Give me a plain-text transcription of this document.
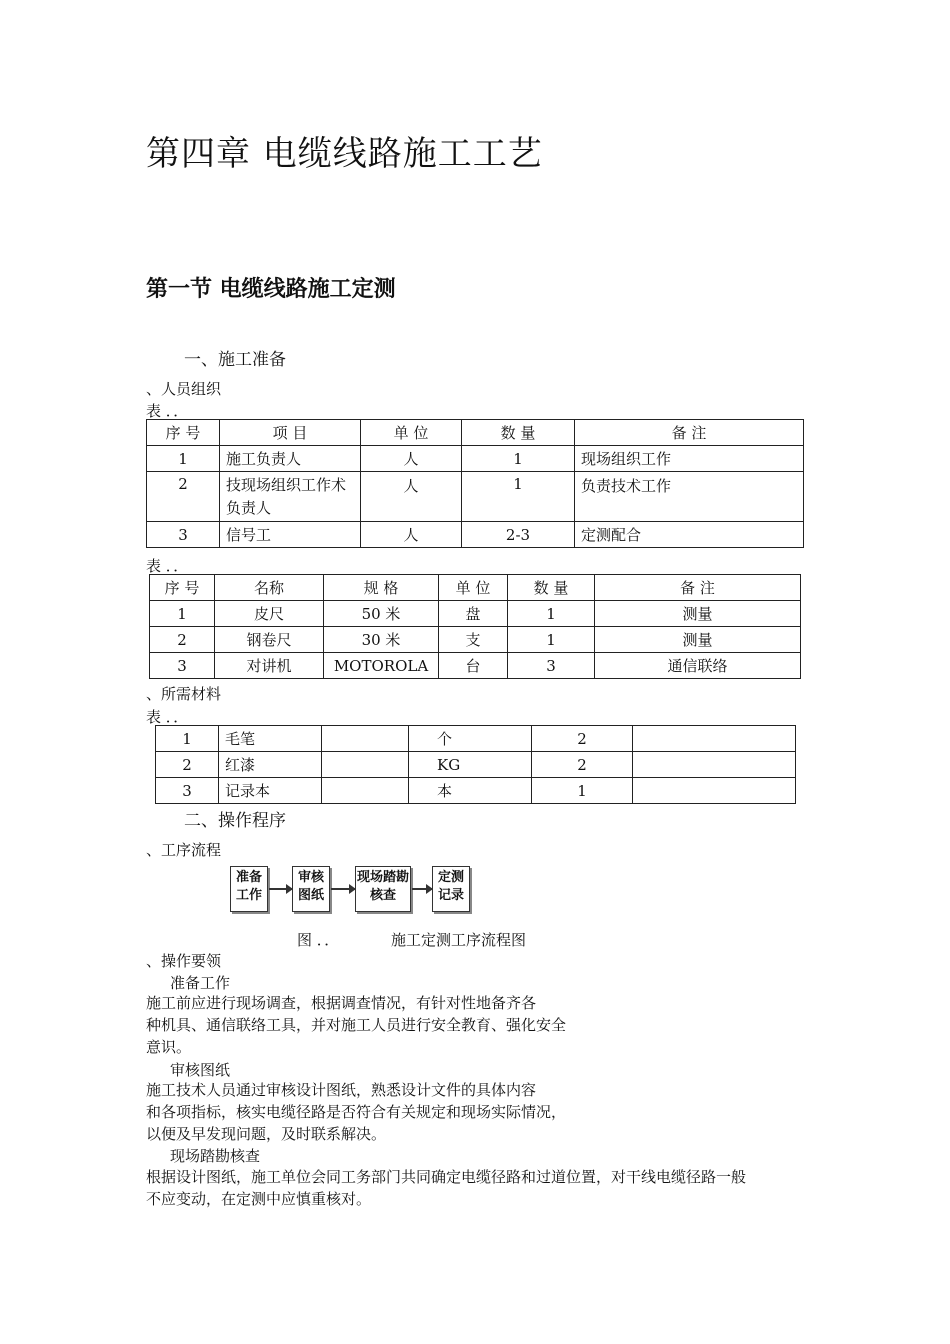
第四章 电缆线路施工工艺
第一节 电缆线路施工定测
一、施工准备
、人员组织
表 ．．
序 号	项 目	单 位	数 量	备 注
1	施工负责人	人	1	现场组织工作
2	技现场组织工作术负责人	人	1	负责技术工作
3	信号工	人	2-3	定测配合
表 ．．
序 号	名称	规 格	单 位	数 量	备 注
1	皮尺	50 米	盘	1	测量
2	钢卷尺	30 米	支	1	测量
3	对讲机	MOTOROLA	台	3	通信联络
、所需材料
表 ．．
1	毛笔		个	2	
2	红漆		KG	2	
3	记录本		本	1	
二、操作程序
、工序流程
准备工作
审核图纸
现场踏勘核查
定测记录
图 ．．	施工定测工序流程图
、操作要领
准备工作
施工前应进行现场调查，根据调查情况，有针对性地备齐各
种机具、通信联络工具，并对施工人员进行安全教育、强化安全
意识。
审核图纸
施工技术人员通过审核设计图纸，熟悉设计文件的具体内容
和各项指标，核实电缆径路是否符合有关规定和现场实际情况，
以便及早发现问题，及时联系解决。
现场踏勘核查
根据设计图纸，施工单位会同工务部门共同确定电缆径路和过道位置，对干线电缆径路一般
不应变动，在定测中应慎重核对。
